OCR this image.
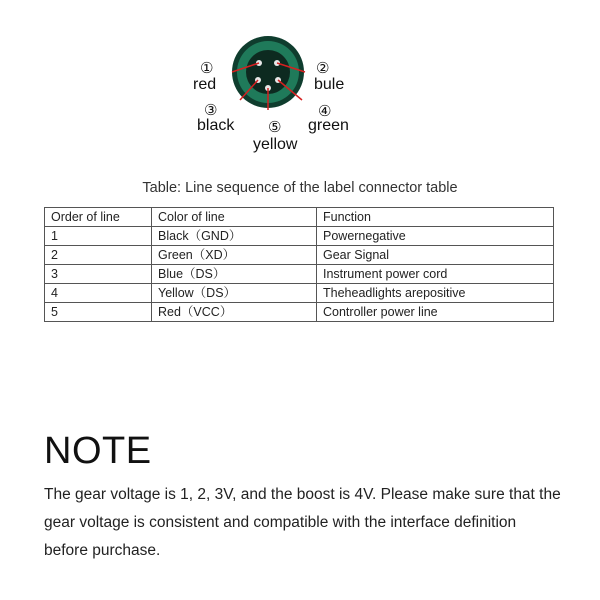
①
red
②
bule
③
black
④
green
⑤
yellow
Table: Line sequence of the label connector table
Order of line	Color of line	Function
1	Black（GND）	Powernegative
2	Green（XD）	Gear Signal
3	Blue（DS）	Instrument power cord
4	Yellow（DS）	Theheadlights arepositive
5	Red（VCC）	Controller power line
NOTE
The gear voltage is 1, 2, 3V, and the boost is 4V. Please make sure that the gear voltage is consistent and compatible with the interface definition before purchase.
